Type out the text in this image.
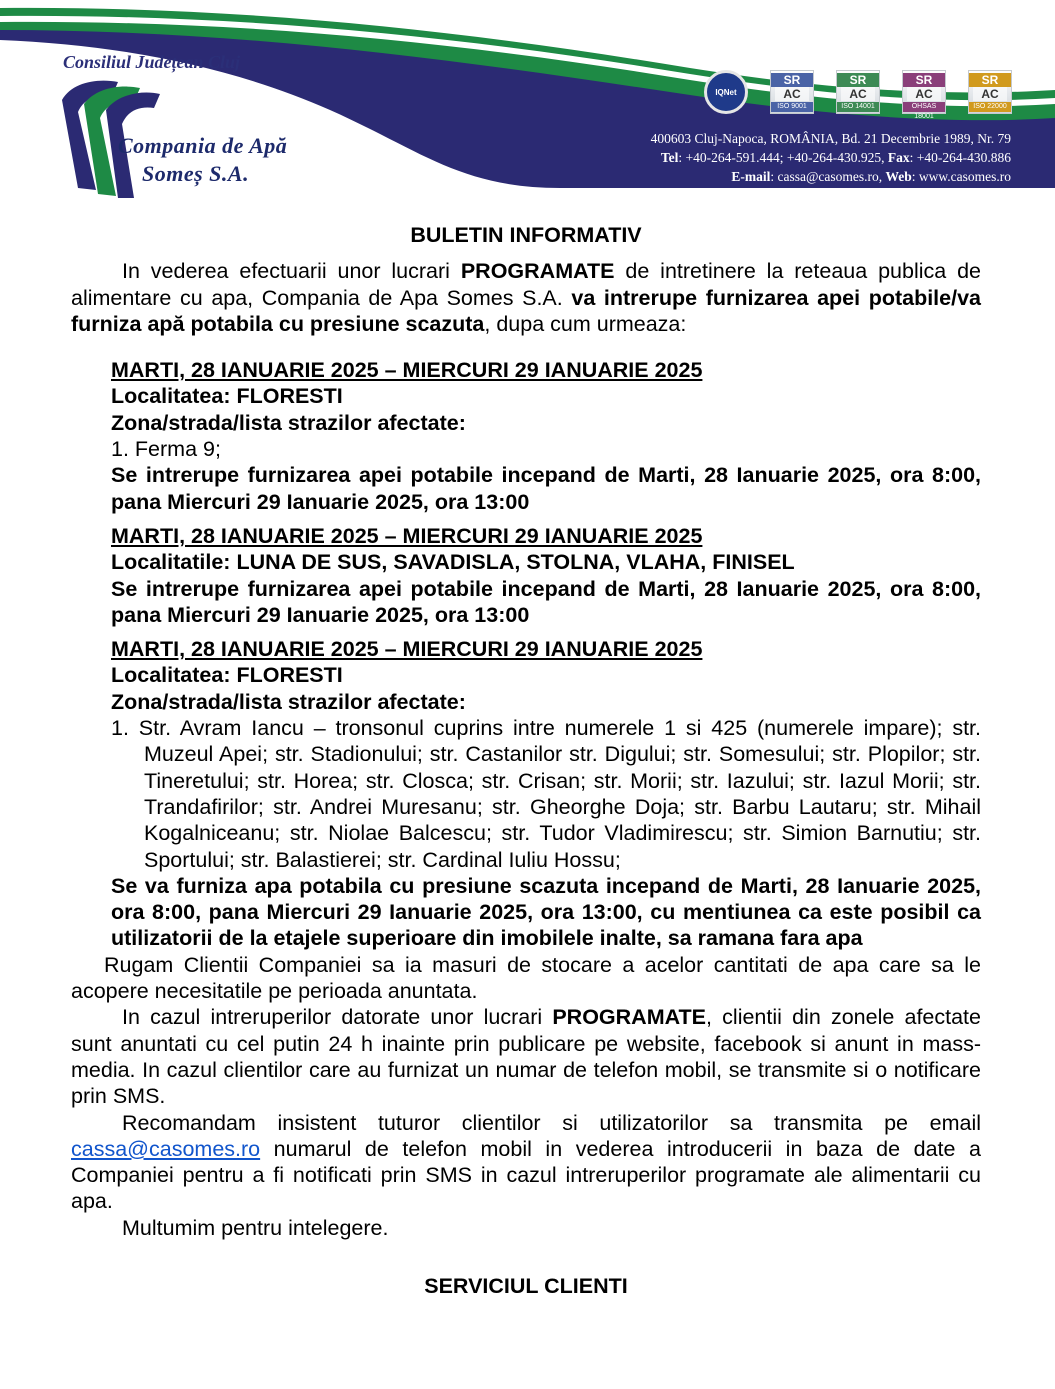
Consiliul Județean Cluj
Compania de Apă
Someș S.A.
IQNet
SR
AC
ISO 9001
SR
AC
ISO 14001
SR
AC
OHSAS 18001
SR
AC
ISO 22000
400603 Cluj-Napoca, ROMÂNIA, Bd. 21 Decembrie 1989, Nr. 79
Tel: +40-264-591.444; +40-264-430.925, Fax: +40-264-430.886
E-mail: cassa@casomes.ro, Web: www.casomes.ro
BULETIN INFORMATIV

In vederea efectuarii unor lucrari PROGRAMATE de intretinere la reteaua publica de alimentare cu apa, Compania de Apa Somes S.A. va intrerupe furnizarea apei potabile/va furniza apă potabila cu presiune scazuta, dupa cum urmeaza:

MARTI, 28 IANUARIE 2025 – MIERCURI 29 IANUARIE 2025
Localitatea: FLORESTI
Zona/strada/lista strazilor afectate:
1. Ferma 9;
Se intrerupe furnizarea apei potabile incepand de Marti, 28 Ianuarie 2025, ora 8:00, pana Miercuri 29 Ianuarie 2025, ora 13:00
MARTI, 28 IANUARIE 2025 – MIERCURI 29 IANUARIE 2025
Localitatile: LUNA DE SUS, SAVADISLA, STOLNA, VLAHA, FINISEL
Se intrerupe furnizarea apei potabile incepand de Marti, 28 Ianuarie 2025, ora 8:00, pana Miercuri 29 Ianuarie 2025, ora 13:00
MARTI, 28 IANUARIE 2025 – MIERCURI 29 IANUARIE 2025
Localitatea: FLORESTI
Zona/strada/lista strazilor afectate:
1. Str. Avram Iancu – tronsonul cuprins intre numerele 1 si 425 (numerele impare); str. Muzeul Apei; str. Stadionului; str. Castanilor str. Digului; str. Somesului; str. Plopilor; str. Tineretului; str. Horea; str. Closca; str. Crisan; str. Morii; str. Iazului; str. Iazul Morii; str. Trandafirilor; str. Andrei Muresanu; str. Gheorghe Doja; str. Barbu Lautaru; str. Mihail Kogalniceanu; str. Niolae Balcescu; str. Tudor Vladimirescu; str. Simion Barnutiu; str. Sportului; str. Balastierei; str. Cardinal Iuliu Hossu;
Se va furniza apa potabila cu presiune scazuta incepand de Marti, 28 Ianuarie 2025, ora 8:00, pana Miercuri 29 Ianuarie 2025, ora 13:00, cu mentiunea ca este posibil ca utilizatorii de la etajele superioare din imobilele inalte, sa ramana fara apa

Rugam Clientii Companiei sa ia masuri de stocare a acelor cantitati de apa care sa le acopere necesitatile pe perioada anuntata.

In cazul intreruperilor datorate unor lucrari PROGRAMATE, clientii din zonele afectate sunt anuntati cu cel putin 24 h inainte prin publicare pe website, facebook si anunt in mass-media. In cazul clientilor care au furnizat un numar de telefon mobil, se transmite si o notificare prin SMS.

Recomandam insistent tuturor clientilor si utilizatorilor sa transmita pe email cassa@casomes.ro numarul de telefon mobil in vederea introducerii in baza de date a Companiei pentru a fi notificati prin SMS in cazul intreruperilor programate ale alimentarii cu apa.

Multumim pentru intelegere.

SERVICIUL CLIENTI
